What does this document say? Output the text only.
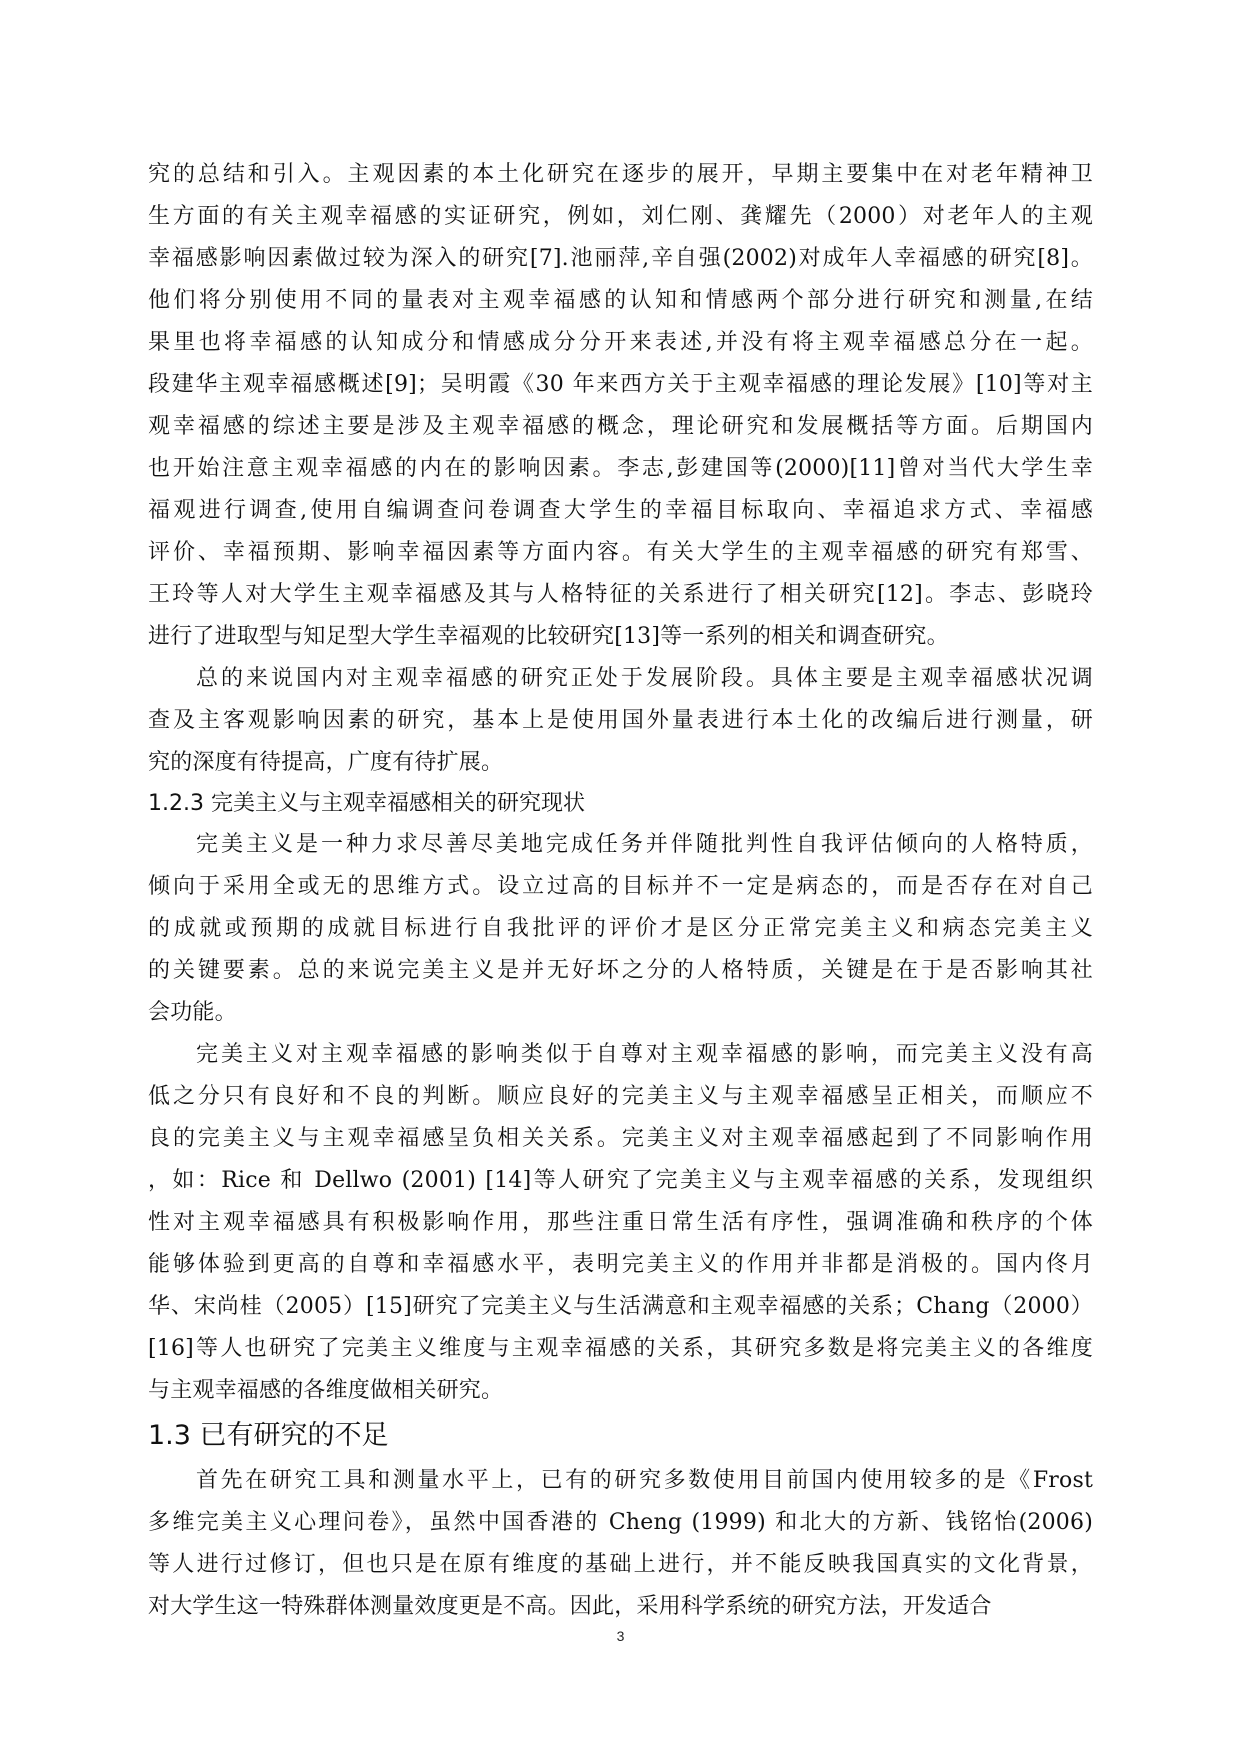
究的总结和引入。主观因素的本土化研究在逐步的展开，早期主要集中在对老年精神卫
生方面的有关主观幸福感的实证研究，例如，刘仁刚、龚耀先（2000）对老年人的主观
幸福感影响因素做过较为深入的研究[7].池丽萍,辛自强(2002)对成年人幸福感的研究[8]。
他们将分别使用不同的量表对主观幸福感的认知和情感两个部分进行研究和测量,在结
果里也将幸福感的认知成分和情感成分分开来表述,并没有将主观幸福感总分在一起。
段建华主观幸福感概述[9]；吴明霞《30 年来西方关于主观幸福感的理论发展》[10]等对主
观幸福感的综述主要是涉及主观幸福感的概念，理论研究和发展概括等方面。后期国内
也开始注意主观幸福感的内在的影响因素。李志,彭建国等(2000)[11]曾对当代大学生幸
福观进行调查,使用自编调查问卷调查大学生的幸福目标取向、幸福追求方式、幸福感
评价、幸福预期、影响幸福因素等方面内容。有关大学生的主观幸福感的研究有郑雪、
王玲等人对大学生主观幸福感及其与人格特征的关系进行了相关研究[12]。李志、彭晓玲
进行了进取型与知足型大学生幸福观的比较研究[13]等一系列的相关和调查研究。
总的来说国内对主观幸福感的研究正处于发展阶段。具体主要是主观幸福感状况调
查及主客观影响因素的研究，基本上是使用国外量表进行本土化的改编后进行测量，研
究的深度有待提高，广度有待扩展。
1.2.3 完美主义与主观幸福感相关的研究现状
完美主义是一种力求尽善尽美地完成任务并伴随批判性自我评估倾向的人格特质，
倾向于采用全或无的思维方式。设立过高的目标并不一定是病态的，而是否存在对自己
的成就或预期的成就目标进行自我批评的评价才是区分正常完美主义和病态完美主义
的关键要素。总的来说完美主义是并无好坏之分的人格特质，关键是在于是否影响其社
会功能。
完美主义对主观幸福感的影响类似于自尊对主观幸福感的影响，而完美主义没有高
低之分只有良好和不良的判断。顺应良好的完美主义与主观幸福感呈正相关，而顺应不
良的完美主义与主观幸福感呈负相关关系。完美主义对主观幸福感起到了不同影响作用
，如：Rice 和 Dellwo (2001) [14]等人研究了完美主义与主观幸福感的关系，发现组织
性对主观幸福感具有积极影响作用，那些注重日常生活有序性，强调准确和秩序的个体
能够体验到更高的自尊和幸福感水平，表明完美主义的作用并非都是消极的。国内佟月
华、宋尚桂（2005）[15]研究了完美主义与生活满意和主观幸福感的关系；Chang（2000）
[16]等人也研究了完美主义维度与主观幸福感的关系，其研究多数是将完美主义的各维度
与主观幸福感的各维度做相关研究。
1.3 已有研究的不足
首先在研究工具和测量水平上，已有的研究多数使用目前国内使用较多的是《Frost
多维完美主义心理问卷》，虽然中国香港的 Cheng (1999) 和北大的方新、钱铭怡(2006)
等人进行过修订，但也只是在原有维度的基础上进行，并不能反映我国真实的文化背景，
对大学生这一特殊群体测量效度更是不高。因此，采用科学系统的研究方法，开发适合
3
